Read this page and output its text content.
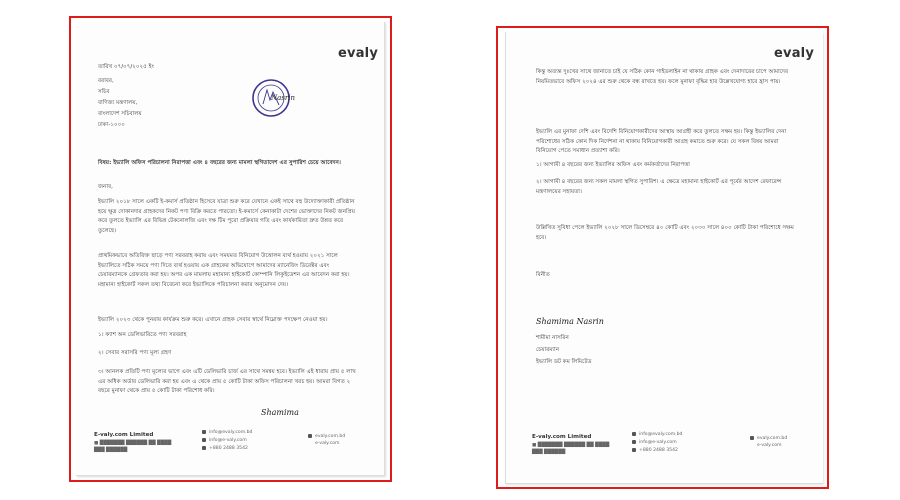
evaly
তারিখ ০৭/০৭/২০২৫ ইং
বরাবর,
সচিব
বাণিজ্য মন্ত্রণালয়,
বাংলাদেশ সচিবালয়
ঢাকা-১০০০
Nasrin
বিষয়: ইভ্যালি অফিস পরিচালনা নিরাপত্তা এবং ৪ বছরের জন্য মামলা স্থগিতাদেশ এর সুপারিশ চেয়ে আবেদন।
জনাব,
ইভ্যালি ২০১৮ সালে একটি ই-কমার্স প্রতিষ্ঠান হিসেবে যাত্রা শুরু করে যেখানে একই সাথে বহু উদ্যোক্তাকারী প্রতিষ্ঠান হয়ে ক্ষুদ্র দোকানদার গ্রাহকদের নিকট পণ্য বিক্রি করতে পারতো। ই-কমার্সে কেনাকাটা দেশের ভোক্তাদের নিকট জনপ্রিয় করে তুলতে ইভ্যালি এর বিভিন্ন টেকনোলজি এবং দক্ষ টিম পুরো প্রক্রিয়ার গতি এবং কার্যকারিতা দ্রুত উন্নত করে তুলেছে।
প্রাথমিকভাবে অতিরিক্ত ছাড়ে পণ্য সরবরাহ করায় এবং সময়মত বিনিয়োগ উত্তোলন ব্যর্থ হওয়ায় ২০২১ সালে ইভ্যালিতে সঠিক সময়ে পণ্য দিতে ব্যর্থ হওয়ায় এক গ্রাহকের অভিযোগে আমাদের ম্যানেজিং ডিরেক্টর এবং চেয়ারম্যানকে গ্রেফতার করা হয়। অপর এক মামলায় মহামান্য হাইকোর্ট কোম্পানি লিকুইডেশন এর আবেদন করা হয়। মহামান্য হাইকোর্ট সকল তথ্য বিবেচনা করে ইভ্যালিকে পরিচালনা করার অনুমোদন দেয়।
ইভ্যালি ২০২৩ থেকে পুনরায় কার্যক্রম শুরু করে। এখানে গ্রাহক সেবার স্বার্থে নিম্নোক্ত পদক্ষেপ নেওয়া হয়।
১। ক্যাশ অন ডেলিভারিতে পণ্য সরবরাহ
২। সেবার সরাসরি পণ্য মূল্য গ্রহণ
৩। আনলক প্রতিটি পণ্য মূল্যের ভাগে এবং এটি ডেলিভারি চার্জ এর সাথে সমন্বয় হবে। ইভ্যালি এই ধারায় প্রায় ৫ লাখ এর অধিক অর্ডার ডেলিভারি করা হয় এবং এ থেকে প্রায় ৫ কোটি টাকা অফিস পরিচালনা খরচ হয়। আমরা বিগত ২ বছরে মুনাফা থেকে প্রায় ৫ কোটি টাকা পরিশোধ করি।
Shamima
E-valy.com Limited
■ ███████ ██████ ██ ████
███ ██████
info@evaly.com.bd
info@e-valy.com
+880 2488 3542
evaly.com.bd
e-valy.com
evaly
কিন্তু অত্যন্ত দুঃখের সাথে জানাতে চাই যে সঠিক কোন গাইডলাইন না থাকায় গ্রাহক এবং দেনাদারের চাপে আমাদের নিয়মিতভাবে অফিস ২০২৪ এর শুরু থেকে বন্ধ রাখতে হয়। ফলে মুনাফা বৃদ্ধির হার উল্লেখযোগ্য হারে হ্রাস পায়।
ইভ্যালি এর মুনাফা দেশি এবং বিদেশি বিনিয়োগকারীদের আস্থায় আগ্রহী করে তুলতে সক্ষম হয়। কিন্তু ইভ্যালির দেনা পরিশোধের সঠিক কোন দিক নির্দেশনা না থাকায় বিনিয়োগকারী আগ্রহ কমাতে শুরু করে। যে সকল বিষয় আমরা বিনিয়োগ পেতে সমাধান প্রত্যাশা করি।
১। আগামী ৪ বছরের জন্য ইভ্যালির অফিস এবং কর্মকর্তাদের নিরাপত্তা
২। আগামী ৪ বছরের জন্য সকল মামলা স্থগিত সুপারিশ। এ ক্ষেত্রে মহামান্য হাইকোর্ট এর পূর্বের আদেশ রেফারেন্স মন্ত্রণালয়ের সহায়তা।
উল্লিখিত সুবিধা পেলে ইভ্যালি ২০২৮ সালে ডিসেম্বরে ৪০ কোটি এবং ২০৩০ সালে ৪০০ কোটি টাকা পরিশোধে সক্ষম হবে।
বিনীত
Shamima Nasrin
শামীমা নাসরিন
চেয়ারম্যান
ইভ্যালি ডট কম লিমিটেড
E-valy.com Limited
■ ███████ ██████ ██ ████
███ ██████
info@evaly.com.bd
info@e-valy.com
+880 2488 3542
evaly.com.bd
e-valy.com
